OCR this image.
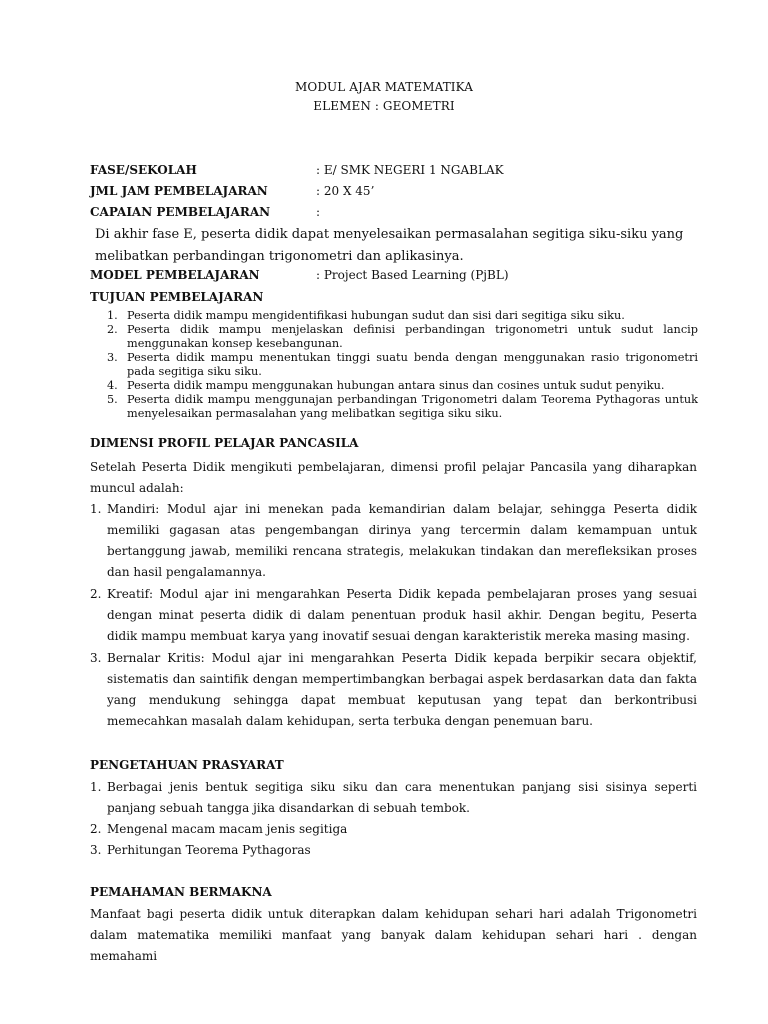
MODUL AJAR MATEMATIKA
ELEMEN : GEOMETRI
FASE/SEKOLAH	: E/ SMK NEGERI 1 NGABLAK
JML JAM PEMBELAJARAN	: 20 X 45’
CAPAIAN PEMBELAJARAN	:
Di akhir fase E, peserta didik dapat menyelesaikan permasalahan segitiga siku-siku yang melibatkan perbandingan trigonometri dan aplikasinya.
MODEL PEMBELAJARAN	: Project Based Learning (PjBL)
TUJUAN PEMBELAJARAN
1. Peserta didik mampu mengidentifikasi hubungan sudut dan sisi dari segitiga siku siku.
2. Peserta didik mampu menjelaskan definisi perbandingan trigonometri untuk sudut lancip menggunakan konsep kesebangunan.
3. Peserta didik mampu menentukan tinggi suatu benda dengan menggunakan rasio trigonometri pada segitiga siku siku.
4. Peserta didik mampu menggunakan hubungan antara sinus dan cosines untuk sudut penyiku.
5. Peserta didik mampu menggunajan perbandingan Trigonometri dalam Teorema Pythagoras untuk menyelesaikan permasalahan yang melibatkan segitiga siku siku.
DIMENSI PROFIL PELAJAR PANCASILA
Setelah Peserta Didik mengikuti pembelajaran, dimensi profil pelajar Pancasila yang diharapkan muncul adalah:
1. Mandiri: Modul ajar ini menekan pada kemandirian dalam belajar, sehingga Peserta didik memiliki gagasan atas pengembangan dirinya yang tercermin dalam kemampuan untuk bertanggung jawab, memiliki rencana strategis, melakukan tindakan dan merefleksikan proses dan hasil pengalamannya.
2. Kreatif: Modul ajar ini mengarahkan Peserta Didik kepada pembelajaran proses yang sesuai dengan minat peserta didik di dalam penentuan produk hasil akhir. Dengan begitu, Peserta didik mampu membuat karya yang inovatif sesuai dengan karakteristik mereka masing masing.
3. Bernalar Kritis: Modul ajar ini mengarahkan Peserta Didik kepada berpikir secara objektif, sistematis dan saintifik dengan mempertimbangkan berbagai aspek berdasarkan data dan fakta yang mendukung sehingga dapat membuat keputusan yang tepat dan berkontribusi memecahkan masalah dalam kehidupan, serta terbuka dengan penemuan baru.
PENGETAHUAN PRASYARAT
1. Berbagai jenis bentuk segitiga siku siku dan cara menentukan panjang sisi sisinya seperti panjang sebuah tangga jika disandarkan di sebuah tembok.
2. Mengenal macam macam jenis segitiga
3. Perhitungan Teorema Pythagoras
PEMAHAMAN BERMAKNA
Manfaat bagi peserta didik untuk diterapkan dalam kehidupan sehari hari adalah Trigonometri dalam matematika memiliki manfaat yang banyak dalam kehidupan sehari hari . dengan memahami
